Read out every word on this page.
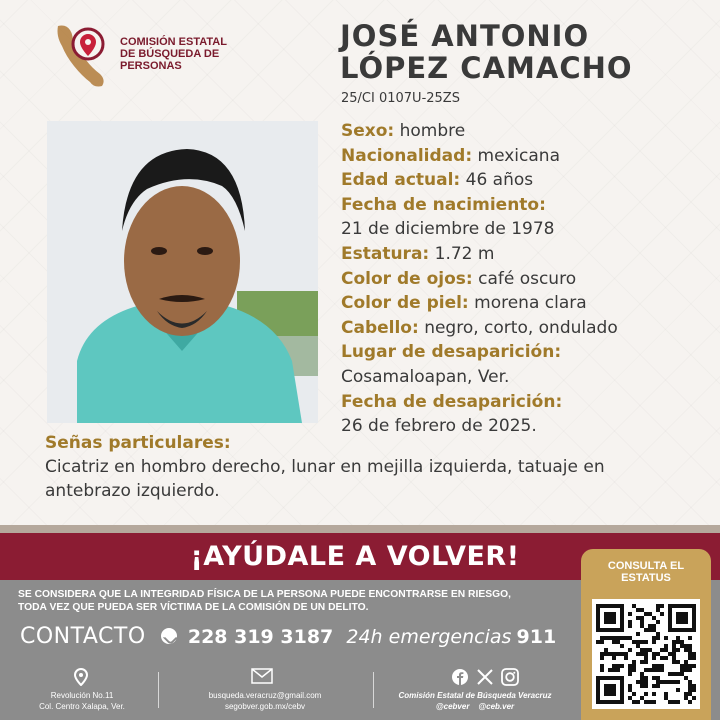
COMISIÓN ESTATAL
DE BÚSQUEDA DE
PERSONAS
JOSÉ ANTONIO
LÓPEZ CAMACHO
25/CI 0107U-25ZS
Sexo: hombre
Nacionalidad: mexicana
Edad actual: 46 años
Fecha de nacimiento:
21 de diciembre de 1978
Estatura: 1.72 m
Color de ojos: café oscuro
Color de piel: morena clara
Cabello: negro, corto, ondulado
Lugar de desaparición:
Cosamaloapan, Ver.
Fecha de desaparición:
26 de febrero de 2025.
Señas particulares:
Cicatriz en hombro derecho, lunar en mejilla izquierda, tatuaje en antebrazo izquierdo.
¡AYÚDALE A VOLVER!
SE CONSIDERA QUE LA INTEGRIDAD FÍSICA DE LA PERSONA PUEDE ENCONTRARSE EN RIESGO,
TODA VEZ QUE PUEDA SER VÍCTIMA DE LA COMISIÓN DE UN DELITO.
CONTACTO 228 319 3187 24h emergencias 911
Revolución No.11
Col. Centro Xalapa, Ver.
busqueda.veracruz@gmail.com
segobver.gob.mx/cebv
Comisión Estatal de Búsqueda Veracruz
@cebver @ceb.ver
CONSULTA EL
ESTATUS
